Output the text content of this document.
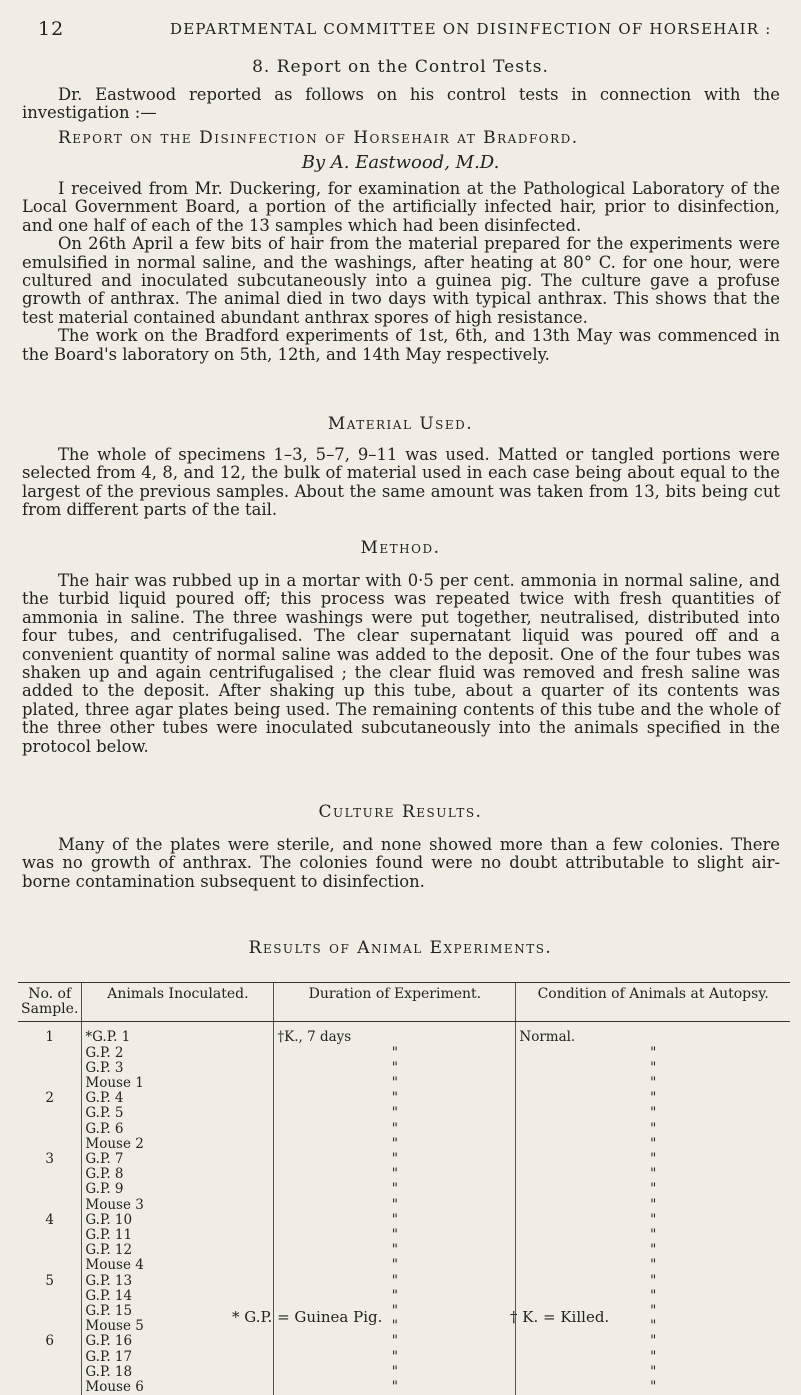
12	DEPARTMENTAL COMMITTEE ON DISINFECTION OF HORSEHAIR :
8. Report on the Control Tests.

Dr. Eastwood reported as follows on his control tests in connection with the investigation :—

Report on the Disinfection of Horsehair at Bradford.
By A. Eastwood, M.D.

I received from Mr. Duckering, for examination at the Pathological Laboratory of the Local Government Board, a portion of the artificially infected hair, prior to disinfection, and one half of each of the 13 samples which had been disinfected.

On 26th April a few bits of hair from the material prepared for the experiments were emulsified in normal saline, and the washings, after heating at 80° C. for one hour, were cultured and inoculated subcutaneously into a guinea pig. The culture gave a profuse growth of anthrax. The animal died in two days with typical anthrax. This shows that the test material contained abundant anthrax spores of high resistance.

The work on the Bradford experiments of 1st, 6th, and 13th May was commenced in the Board's laboratory on 5th, 12th, and 14th May respectively.

Material Used.

The whole of specimens 1–3, 5–7, 9–11 was used. Matted or tangled portions were selected from 4, 8, and 12, the bulk of material used in each case being about equal to the largest of the previous samples. About the same amount was taken from 13, bits being cut from different parts of the tail.

Method.

The hair was rubbed up in a mortar with 0·5 per cent. ammonia in normal saline, and the turbid liquid poured off; this process was repeated twice with fresh quantities of ammonia in saline. The three washings were put together, neutralised, distributed into four tubes, and centrifugalised. The clear supernatant liquid was poured off and a convenient quantity of normal saline was added to the deposit. One of the four tubes was shaken up and again centrifugalised ; the clear fluid was removed and fresh saline was added to the deposit. After shaking up this tube, about a quarter of its contents was plated, three agar plates being used. The remaining contents of this tube and the whole of the three other tubes were inoculated subcutaneously into the animals specified in the protocol below.

Culture Results.

Many of the plates were sterile, and none showed more than a few colonies. There was no growth of anthrax. The colonies found were no doubt attributable to slight air-borne contamination subsequent to disinfection.

Results of Animal Experiments.
No. of Sample.	Animals Inoculated.	Duration of Experiment.	Condition of Animals at Autopsy.
1	*G.P. 1	†K., 7 days	Normal.
	G.P. 2	"	"
	G.P. 3	"	"
	Mouse 1	"	"
2	G.P. 4	"	"
	G.P. 5	"	"
	G.P. 6	"	"
	Mouse 2	"	"
3	G.P. 7	"	"
	G.P. 8	"	"
	G.P. 9	"	"
	Mouse 3	"	"
4	G.P. 10	"	"
	G.P. 11	"	"
	G.P. 12	"	"
	Mouse 4	"	"
5	G.P. 13	"	"
	G.P. 14	"	"
	G.P. 15	"	"
	Mouse 5	"	"
6	G.P. 16	"	"
	G.P. 17	"	"
	G.P. 18	"	"
	Mouse 6	"	"
* G.P. = Guinea Pig.	† K. = Killed.
